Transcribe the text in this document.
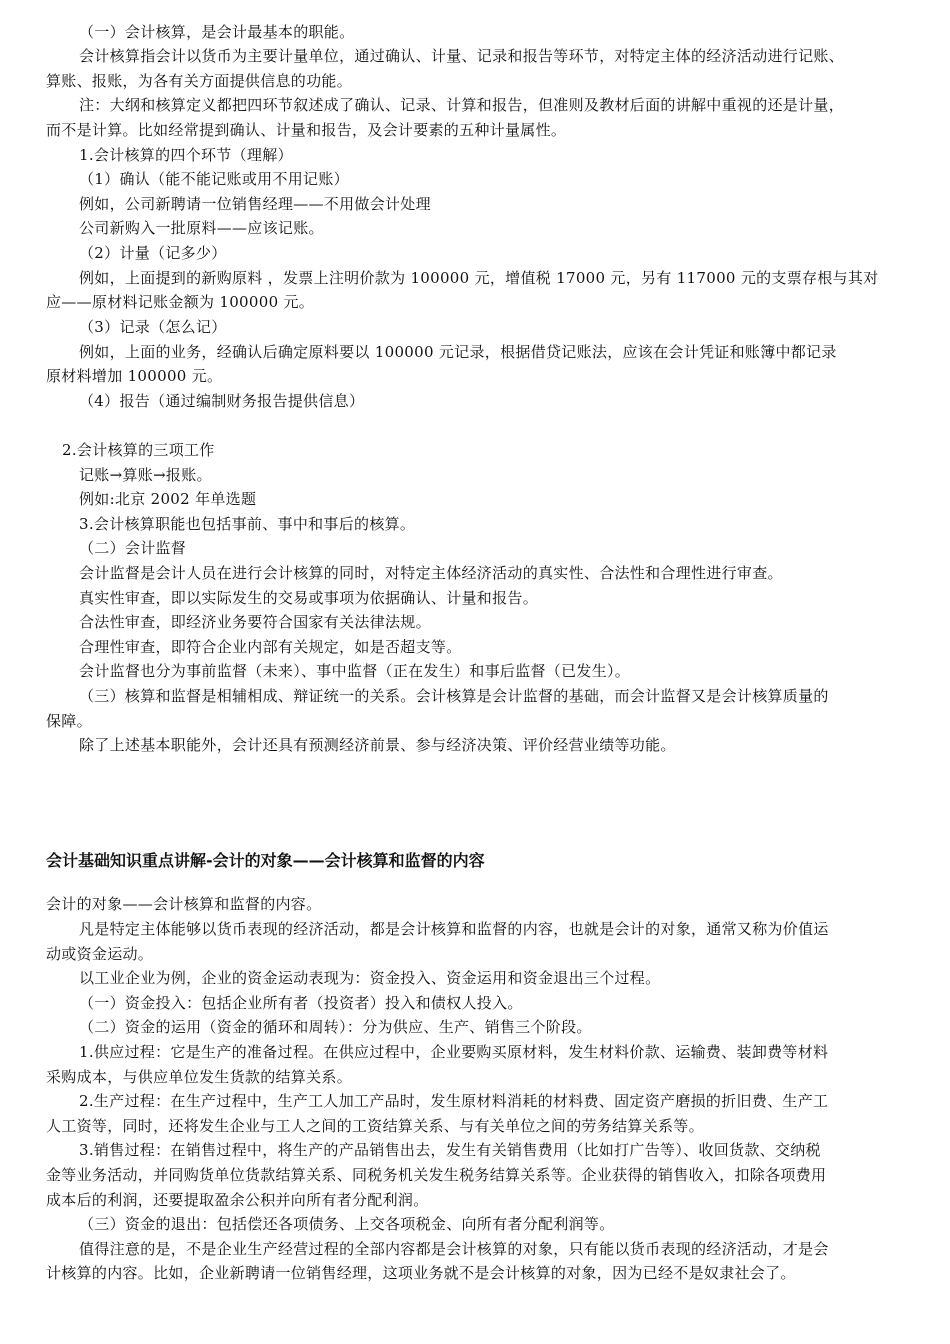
（一）会计核算，是会计最基本的职能。
会计核算指会计以货币为主要计量单位，通过确认、计量、记录和报告等环节，对特定主体的经济活动进行记账、
算账、报账，为各有关方面提供信息的功能。
注：大纲和核算定义都把四环节叙述成了确认、记录、计算和报告，但准则及教材后面的讲解中重视的还是计量，
而不是计算。比如经常提到确认、计量和报告，及会计要素的五种计量属性。
1.会计核算的四个环节（理解）
（1）确认（能不能记账或用不用记账）
例如，公司新聘请一位销售经理——不用做会计处理
公司新购入一批原料——应该记账。
（2）计量（记多少）
例如，上面提到的新购原料 ，发票上注明价款为 100000 元，增值税 17000 元，另有 117000 元的支票存根与其对
应——原材料记账金额为 100000 元。
（3）记录（怎么记）
例如，上面的业务，经确认后确定原料要以 100000 元记录，根据借贷记账法，应该在会计凭证和账簿中都记录
原材料增加 100000 元。
（4）报告（通过编制财务报告提供信息）
2.会计核算的三项工作
记账→算账→报账。
例如:北京 2002 年单选题
3.会计核算职能也包括事前、事中和事后的核算。
（二）会计监督
会计监督是会计人员在进行会计核算的同时，对特定主体经济活动的真实性、合法性和合理性进行审查。
真实性审查，即以实际发生的交易或事项为依据确认、计量和报告。
合法性审查，即经济业务要符合国家有关法律法规。
合理性审查，即符合企业内部有关规定，如是否超支等。
会计监督也分为事前监督（未来）、事中监督（正在发生）和事后监督（已发生）。
（三）核算和监督是相辅相成、辩证统一的关系。会计核算是会计监督的基础，而会计监督又是会计核算质量的
保障。
除了上述基本职能外，会计还具有预测经济前景、参与经济决策、评价经营业绩等功能。
会计基础知识重点讲解-会计的对象——会计核算和监督的内容
会计的对象——会计核算和监督的内容。
凡是特定主体能够以货币表现的经济活动，都是会计核算和监督的内容，也就是会计的对象，通常又称为价值运
动或资金运动。
以工业企业为例，企业的资金运动表现为：资金投入、资金运用和资金退出三个过程。
（一）资金投入：包括企业所有者（投资者）投入和债权人投入。
（二）资金的运用（资金的循环和周转）：分为供应、生产、销售三个阶段。
1.供应过程：它是生产的准备过程。在供应过程中，企业要购买原材料，发生材料价款、运输费、装卸费等材料
采购成本，与供应单位发生货款的结算关系。
2.生产过程：在生产过程中，生产工人加工产品时，发生原材料消耗的材料费、固定资产磨损的折旧费、生产工
人工资等，同时，还将发生企业与工人之间的工资结算关系、与有关单位之间的劳务结算关系等。
3.销售过程：在销售过程中，将生产的产品销售出去，发生有关销售费用（比如打广告等）、收回货款、交纳税
金等业务活动，并同购货单位货款结算关系、同税务机关发生税务结算关系等。企业获得的销售收入，扣除各项费用
成本后的利润，还要提取盈余公积并向所有者分配利润。
（三）资金的退出：包括偿还各项债务、上交各项税金、向所有者分配利润等。
值得注意的是，不是企业生产经营过程的全部内容都是会计核算的对象，只有能以货币表现的经济活动，才是会
计核算的内容。比如，企业新聘请一位销售经理，这项业务就不是会计核算的对象，因为已经不是奴隶社会了。
